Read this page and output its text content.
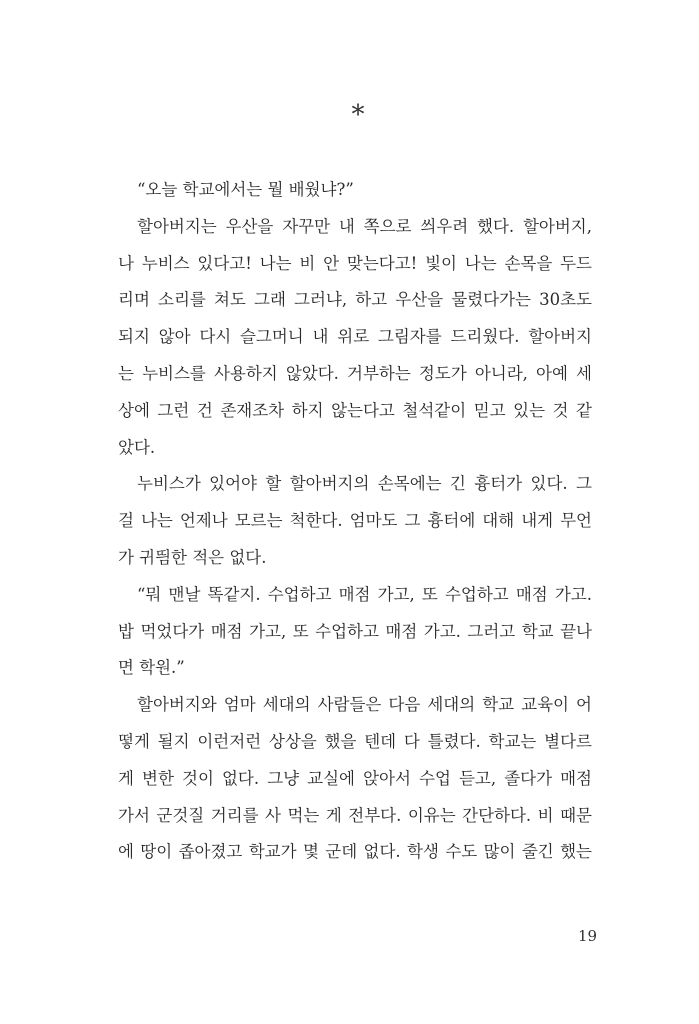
*
“오늘 학교에서는 뭘 배웠냐?”
할아버지는 우산을 자꾸만 내 쪽으로 씌우려 했다. 할아버지,
나 누비스 있다고! 나는 비 안 맞는다고! 빛이 나는 손목을 두드
리며 소리를 쳐도 그래 그러냐, 하고 우산을 물렸다가는 30초도
되지 않아 다시 슬그머니 내 위로 그림자를 드리웠다. 할아버지
는 누비스를 사용하지 않았다. 거부하는 정도가 아니라, 아예 세
상에 그런 건 존재조차 하지 않는다고 철석같이 믿고 있는 것 같
았다.
누비스가 있어야 할 할아버지의 손목에는 긴 흉터가 있다. 그
걸 나는 언제나 모르는 척한다. 엄마도 그 흉터에 대해 내게 무언
가 귀띔한 적은 없다.
“뭐 맨날 똑같지. 수업하고 매점 가고, 또 수업하고 매점 가고.
밥 먹었다가 매점 가고, 또 수업하고 매점 가고. 그러고 학교 끝나
면 학원.”
할아버지와 엄마 세대의 사람들은 다음 세대의 학교 교육이 어
떻게 될지 이런저런 상상을 했을 텐데 다 틀렸다. 학교는 별다르
게 변한 것이 없다. 그냥 교실에 앉아서 수업 듣고, 졸다가 매점
가서 군것질 거리를 사 먹는 게 전부다. 이유는 간단하다. 비 때문
에 땅이 좁아졌고 학교가 몇 군데 없다. 학생 수도 많이 줄긴 했는
19
